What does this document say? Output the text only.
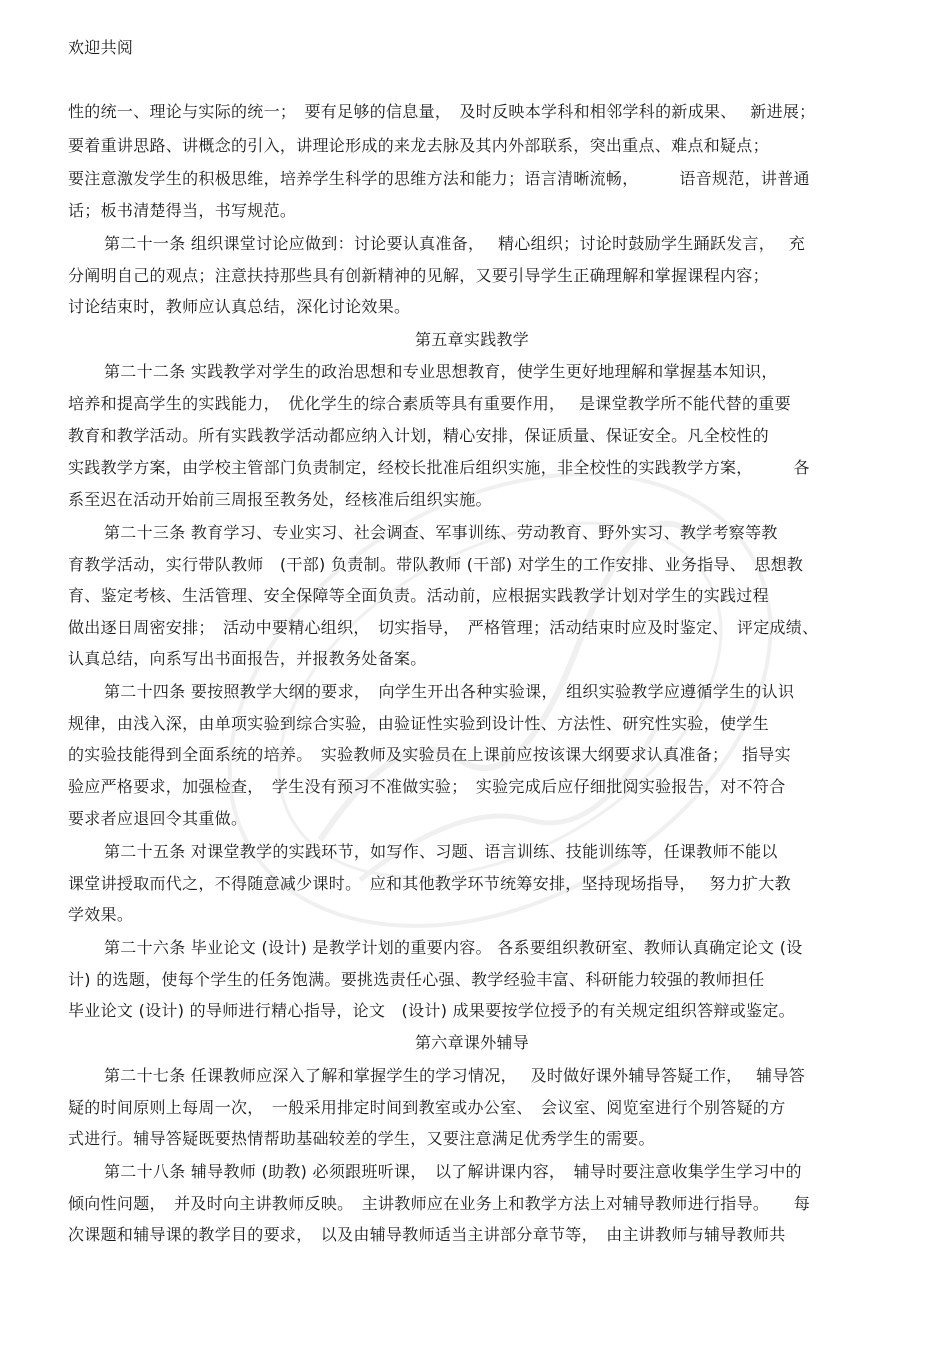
欢迎共阅
性的统一、理论与实际的统一；　要有足够的信息量，　及时反映本学科和相邻学科的新成果、　 新进展；
要着重讲思路、讲概念的引入，讲理论形成的来龙去脉及其内外部联系，突出重点、难点和疑点；
要注意激发学生的积极思维，培养学生科学的思维方法和能力；语言清晰流畅，　　　语音规范，讲普通
话；板书清楚得当，书写规范。
第二十一条 组织课堂讨论应做到：讨论要认真准备，　 精心组织；讨论时鼓励学生踊跃发言，　 充
分阐明自己的观点；注意扶持那些具有创新精神的见解，又要引导学生正确理解和掌握课程内容；
讨论结束时，教师应认真总结，深化讨论效果。
第五章实践教学
第二十二条 实践教学对学生的政治思想和专业思想教育，使学生更好地理解和掌握基本知识，
培养和提高学生的实践能力，　优化学生的综合素质等具有重要作用，　 是课堂教学所不能代替的重要
教育和教学活动。所有实践教学活动都应纳入计划，精心安排，保证质量、保证安全。凡全校性的
实践教学方案，由学校主管部门负责制定，经校长批准后组织实施，非全校性的实践教学方案，　　　各
系至迟在活动开始前三周报至教务处，经核准后组织实施。
第二十三条 教育学习、专业实习、社会调查、军事训练、劳动教育、野外实习、教学考察等教
育教学活动，实行带队教师　(干部) 负责制。带队教师 (干部) 对学生的工作安排、业务指导、　思想教
育、鉴定考核、生活管理、安全保障等全面负责。活动前，应根据实践教学计划对学生的实践过程
做出逐日周密安排；　活动中要精心组织，　切实指导，　严格管理；活动结束时应及时鉴定、　评定成绩、
认真总结，向系写出书面报告，并报教务处备案。
第二十四条 要按照教学大纲的要求，　向学生开出各种实验课，　组织实验教学应遵循学生的认识
规律，由浅入深，由单项实验到综合实验，由验证性实验到设计性、方法性、研究性实验，使学生
的实验技能得到全面系统的培养。　实验教师及实验员在上课前应按该课大纲要求认真准备；　 指导实
验应严格要求，加强检查，　学生没有预习不准做实验；　实验完成后应仔细批阅实验报告，对不符合
要求者应退回令其重做。
第二十五条 对课堂教学的实践环节，如写作、习题、语言训练、技能训练等，任课教师不能以
课堂讲授取而代之，不得随意减少课时。　应和其他教学环节统筹安排，坚持现场指导，　 努力扩大教
学效果。
第二十六条 毕业论文 (设计) 是教学计划的重要内容。 各系要组织教研室、教师认真确定论文 (设
计) 的选题，使每个学生的任务饱满。要挑选责任心强、教学经验丰富、科研能力较强的教师担任
毕业论文 (设计) 的导师进行精心指导，论文　(设计) 成果要按学位授予的有关规定组织答辩或鉴定。
第六章课外辅导
第二十七条 任课教师应深入了解和掌握学生的学习情况，　 及时做好课外辅导答疑工作，　 辅导答
疑的时间原则上每周一次，　一般采用排定时间到教室或办公室、　会议室、阅览室进行个别答疑的方
式进行。辅导答疑既要热情帮助基础较差的学生，又要注意满足优秀学生的需要。
第二十八条 辅导教师 (助教) 必须跟班听课，　以了解讲课内容，　辅导时要注意收集学生学习中的
倾向性问题，　并及时向主讲教师反映。　主讲教师应在业务上和教学方法上对辅导教师进行指导。　　每
次课题和辅导课的教学目的要求，　以及由辅导教师适当主讲部分章节等，　由主讲教师与辅导教师共
